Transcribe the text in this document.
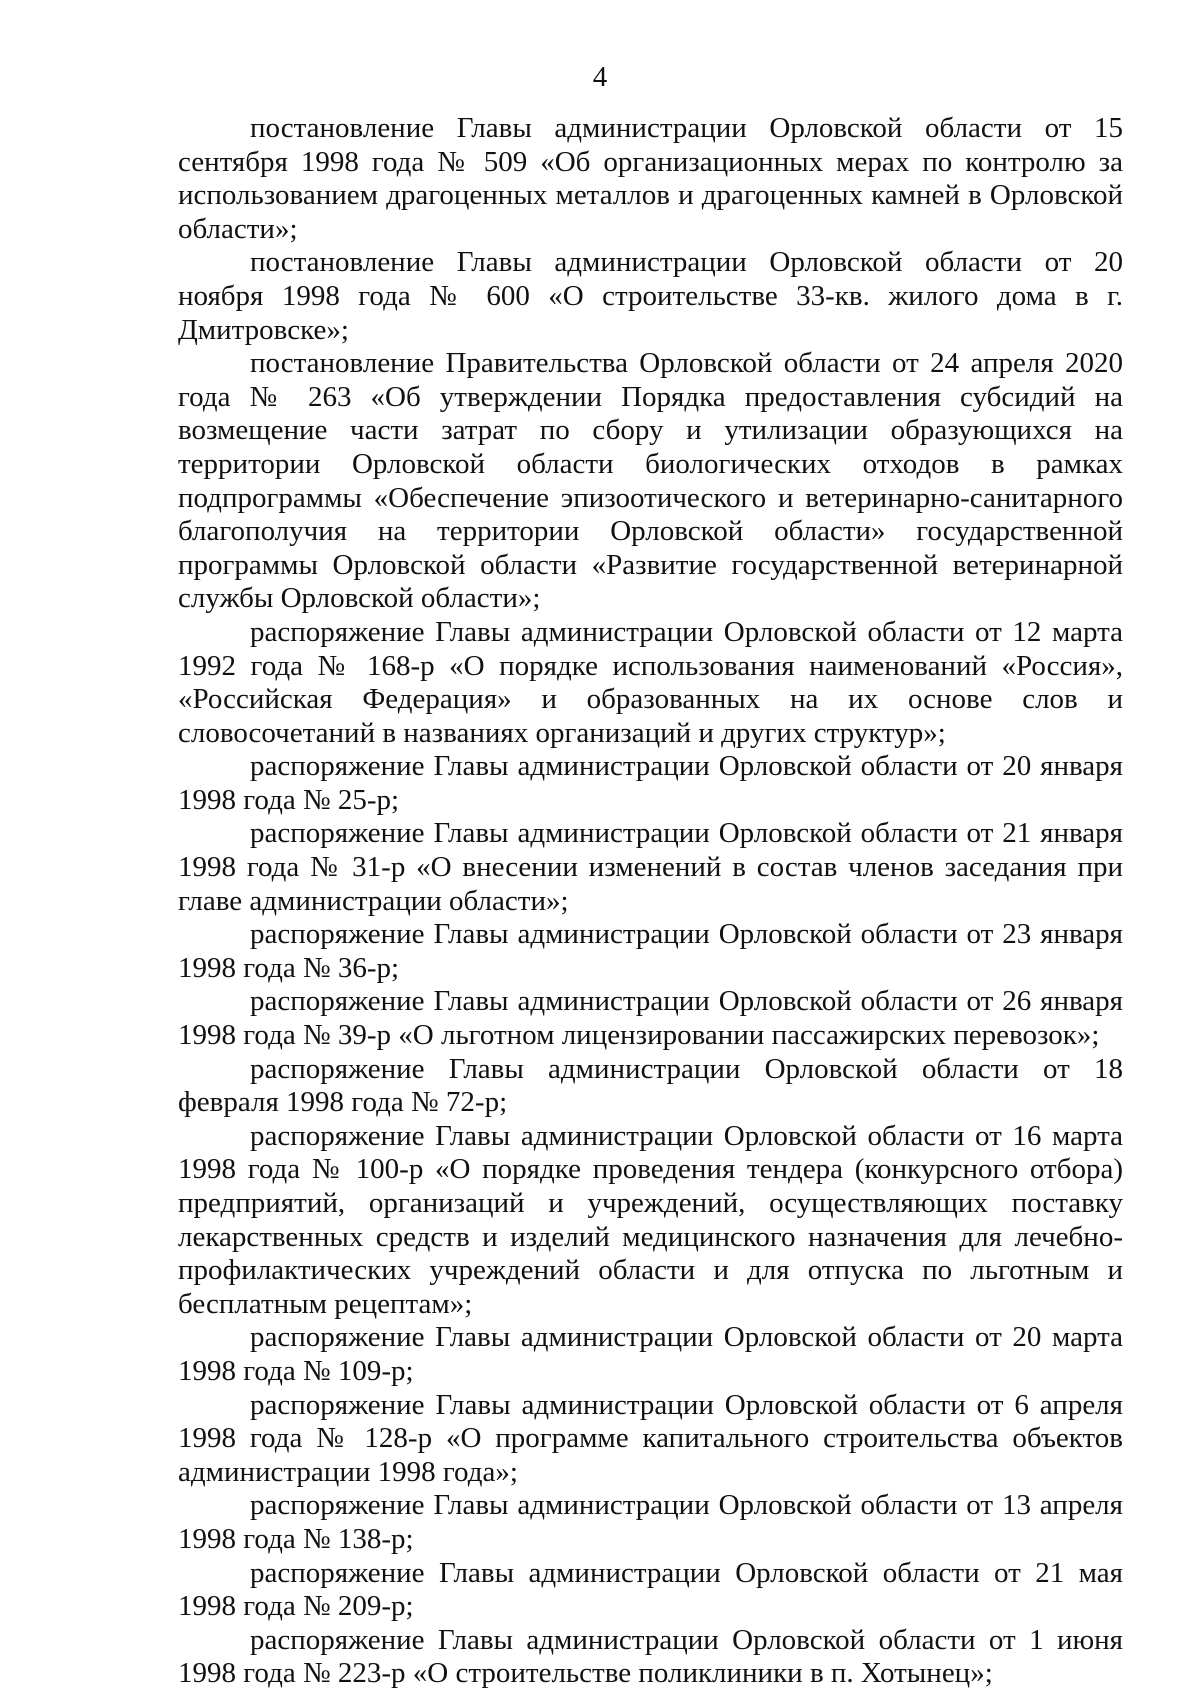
4

постановление Главы администрации Орловской области от 15 сентября 1998 года № 509 «Об организационных мерах по контролю за использованием драгоценных металлов и драгоценных камней в Орловской области»;

постановление Главы администрации Орловской области от 20 ноября 1998 года № 600 «О строительстве 33-кв. жилого дома в г. Дмитровске»;

постановление Правительства Орловской области от 24 апреля 2020 года № 263 «Об утверждении Порядка предоставления субсидий на возмещение части затрат по сбору и утилизации образующихся на территории Орловской области биологических отходов в рамках подпрограммы «Обеспечение эпизоотического и ветеринарно-санитарного благополучия на территории Орловской области» государственной программы Орловской области «Развитие государственной ветеринарной службы Орловской области»;

распоряжение Главы администрации Орловской области от 12 марта 1992 года № 168-р «О порядке использования наименований «Россия», «Российская Федерация» и образованных на их основе слов и словосочетаний в названиях организаций и других структур»;

распоряжение Главы администрации Орловской области от 20 января 1998 года № 25-р;

распоряжение Главы администрации Орловской области от 21 января 1998 года № 31-р «О внесении изменений в состав членов заседания при главе администрации области»;

распоряжение Главы администрации Орловской области от 23 января 1998 года № 36-р;

распоряжение Главы администрации Орловской области от 26 января 1998 года № 39-р «О льготном лицензировании пассажирских перевозок»;

распоряжение Главы администрации Орловской области от 18 февраля 1998 года № 72-р;

распоряжение Главы администрации Орловской области от 16 марта 1998 года № 100-р «О порядке проведения тендера (конкурсного отбора) предприятий, организаций и учреждений, осуществляющих поставку лекарственных средств и изделий медицинского назначения для лечебно-профилактических учреждений области и для отпуска по льготным и бесплатным рецептам»;

распоряжение Главы администрации Орловской области от 20 марта 1998 года № 109-р;

распоряжение Главы администрации Орловской области от 6 апреля 1998 года № 128-р «О программе капитального строительства объектов администрации 1998 года»;

распоряжение Главы администрации Орловской области от 13 апреля 1998 года № 138-р;

распоряжение Главы администрации Орловской области от 21 мая 1998 года № 209-р;

распоряжение Главы администрации Орловской области от 1 июня 1998 года № 223-р «О строительстве поликлиники в п. Хотынец»;
